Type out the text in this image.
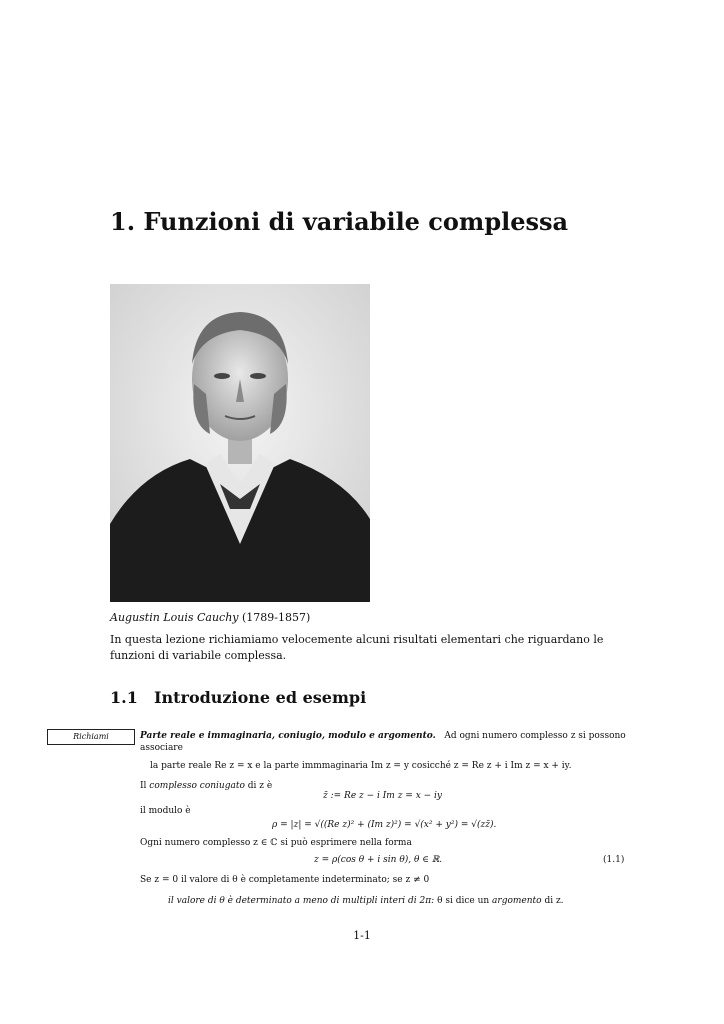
1. Funzioni di variabile complessa
Augustin Louis Cauchy (1789-1857)
In questa lezione richiamiamo velocemente alcuni risultati elementari che riguardano le funzioni di variabile complessa.
1.1 Introduzione ed esempi
Richiami	Parte reale e immaginaria, coniugio, modulo e argomento. Ad ogni numero complesso z si possono associare
la parte reale Re z = x e la parte immmaginaria Im z = y cosicché z = Re z + i Im z = x + iy.
Il complesso coniugato di z è
z̄ := Re z − i Im z = x − iy
il modulo è
ρ = |z| = √((Re z)² + (Im z)²) = √(x² + y²) = √(zz̄).
Ogni numero complesso z ∈ ℂ si può esprimere nella forma
z = ρ(cos θ + i sin θ), θ ∈ ℝ.	(1.1)
Se z = 0 il valore di θ è completamente indeterminato; se z ≠ 0
il valore di θ è determinato a meno di multipli interi di 2π: θ si dice un argomento di z.
1-1
